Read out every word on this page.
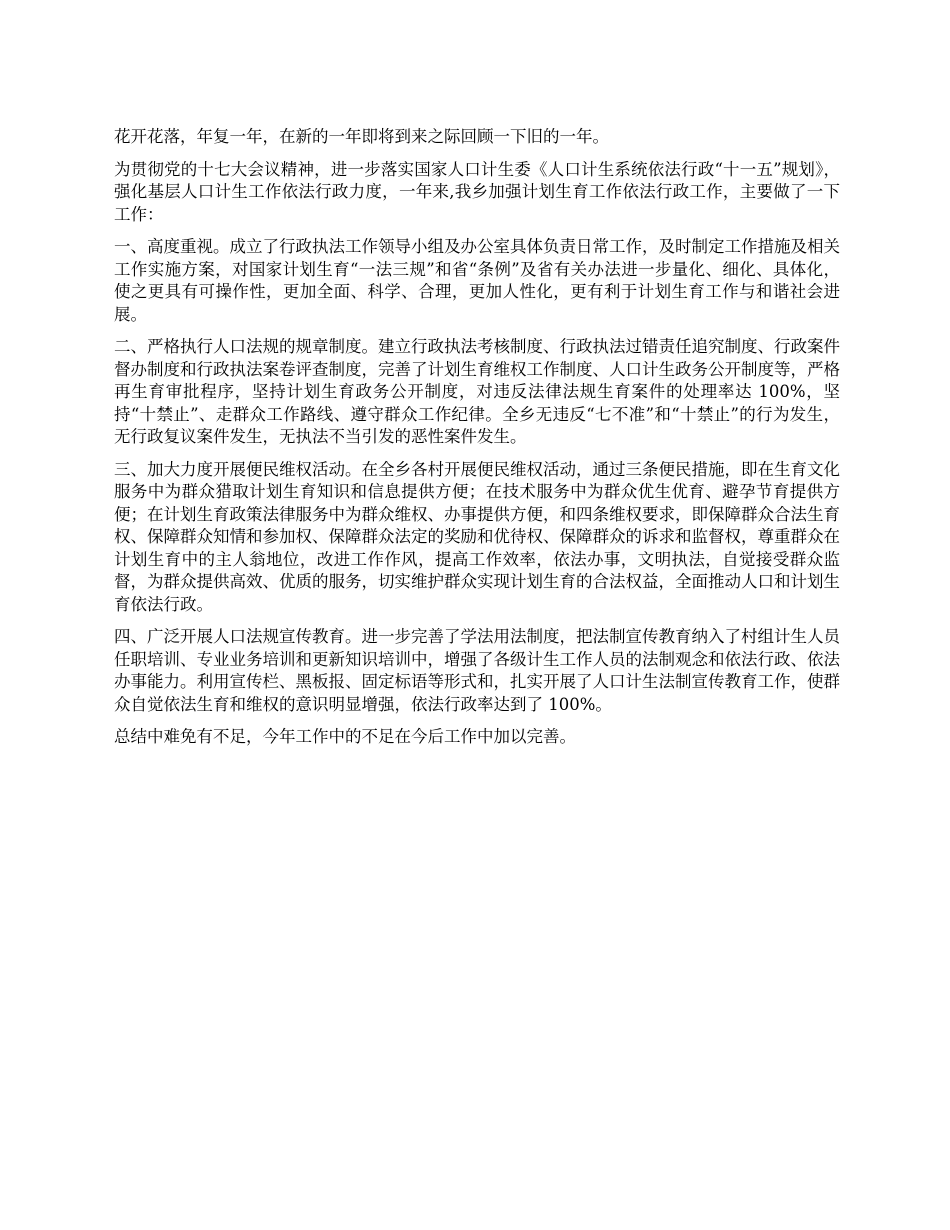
花开花落，年复一年，在新的一年即将到来之际回顾一下旧的一年。

为贯彻党的十七大会议精神，进一步落实国家人口计生委《人口计生系统依法行政“十一五”规划》，强化基层人口计生工作依法行政力度，一年来,我乡加强计划生育工作依法行政工作，主要做了一下工作：

一、高度重视。成立了行政执法工作领导小组及办公室具体负责日常工作，及时制定工作措施及相关工作实施方案，对国家计划生育“一法三规”和省“条例”及省有关办法进一步量化、细化、具体化，使之更具有可操作性，更加全面、科学、合理，更加人性化，更有利于计划生育工作与和谐社会进展。

二、严格执行人口法规的规章制度。建立行政执法考核制度、行政执法过错责任追究制度、行政案件督办制度和行政执法案卷评查制度，完善了计划生育维权工作制度、人口计生政务公开制度等，严格再生育审批程序，坚持计划生育政务公开制度，对违反法律法规生育案件的处理率达 100%，坚持“十禁止”、走群众工作路线、遵守群众工作纪律。全乡无违反“七不准”和“十禁止”的行为发生，无行政复议案件发生，无执法不当引发的恶性案件发生。

三、加大力度开展便民维权活动。在全乡各村开展便民维权活动，通过三条便民措施，即在生育文化服务中为群众猎取计划生育知识和信息提供方便；在技术服务中为群众优生优育、避孕节育提供方便；在计划生育政策法律服务中为群众维权、办事提供方便，和四条维权要求，即保障群众合法生育权、保障群众知情和参加权、保障群众法定的奖励和优待权、保障群众的诉求和监督权，尊重群众在计划生育中的主人翁地位，改进工作作风，提高工作效率，依法办事，文明执法，自觉接受群众监督，为群众提供高效、优质的服务，切实维护群众实现计划生育的合法权益，全面推动人口和计划生育依法行政。

四、广泛开展人口法规宣传教育。进一步完善了学法用法制度，把法制宣传教育纳入了村组计生人员任职培训、专业业务培训和更新知识培训中，增强了各级计生工作人员的法制观念和依法行政、依法办事能力。利用宣传栏、黑板报、固定标语等形式和，扎实开展了人口计生法制宣传教育工作，使群众自觉依法生育和维权的意识明显增强，依法行政率达到了 100%。

总结中难免有不足，今年工作中的不足在今后工作中加以完善。
